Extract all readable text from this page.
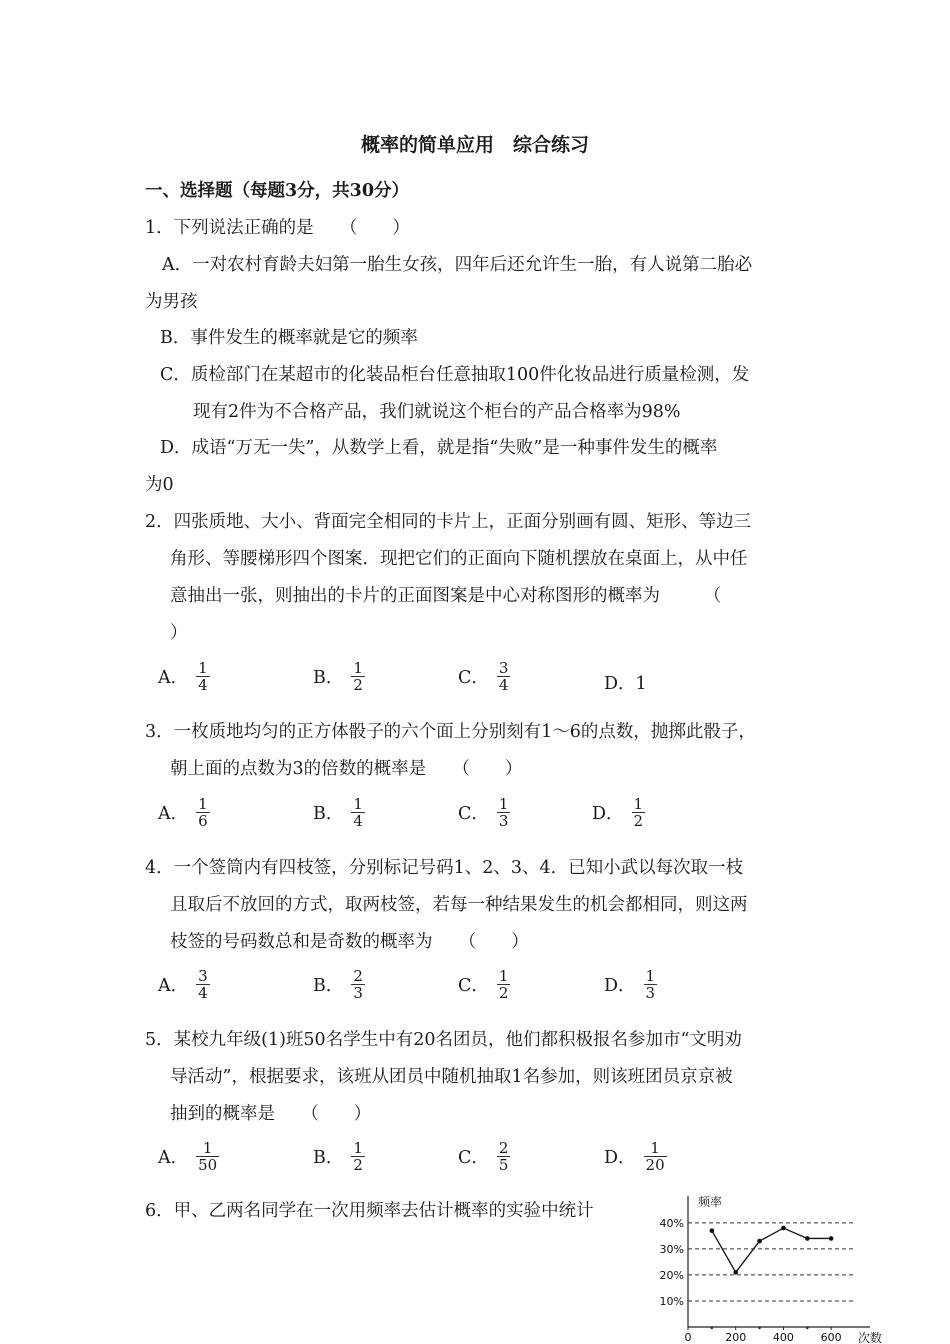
概率的简单应用　综合练习
一、选择题（每题3分，共30分）
1．下列说法正确的是　　（　　）
A．一对农村育龄夫妇第一胎生女孩，四年后还允许生一胎，有人说第二胎必
为男孩
B．事件发生的概率就是它的频率
C．质检部门在某超市的化装品柜台任意抽取100件化妆品进行质量检测，发
现有2件为不合格产品，我们就说这个柜台的产品合格率为98%
D．成语“万无一失”，从数学上看，就是指“失败”是一种事件发生的概率
为0
2．四张质地、大小、背面完全相同的卡片上，正面分别画有圆、矩形、等边三
角形、等腰梯形四个图案．现把它们的正面向下随机摆放在桌面上，从中任
意抽出一张，则抽出的卡片的正面图案是中心对称图形的概率为　　　（
）
A． $\frac{1}{4}$	B． $\frac{1}{2}$	C． $\frac{3}{4}$	D．1
3．一枚质地均匀的正方体骰子的六个面上分别刻有1～6的点数，抛掷此骰子，
朝上面的点数为3的倍数的概率是　　（　　）
A． $\frac{1}{6}$	B． $\frac{1}{4}$	C． $\frac{1}{3}$	D． $\frac{1}{2}$
4．一个签筒内有四枝签，分别标记号码1、2、3、4．已知小武以每次取一枝
且取后不放回的方式，取两枝签，若每一种结果发生的机会都相同，则这两
枝签的号码数总和是奇数的概率为　　（　　）
A． $\frac{3}{4}$	B． $\frac{2}{3}$	C． $\frac{1}{2}$	D． $\frac{1}{3}$
5．某校九年级(1)班50名学生中有20名团员，他们都积极报名参加市“文明劝
导活动”，根据要求，该班从团员中随机抽取1名参加，则该班团员京京被
抽到的概率是　　（　　）
A． $\frac{1}{50}$	B． $\frac{1}{2}$	C． $\frac{2}{5}$	D． $\frac{1}{20}$
6．甲、乙两名同学在一次用频率去估计概率的实验中统计
40%
30%
20%
10%
0	200 400 600
频率
次数
